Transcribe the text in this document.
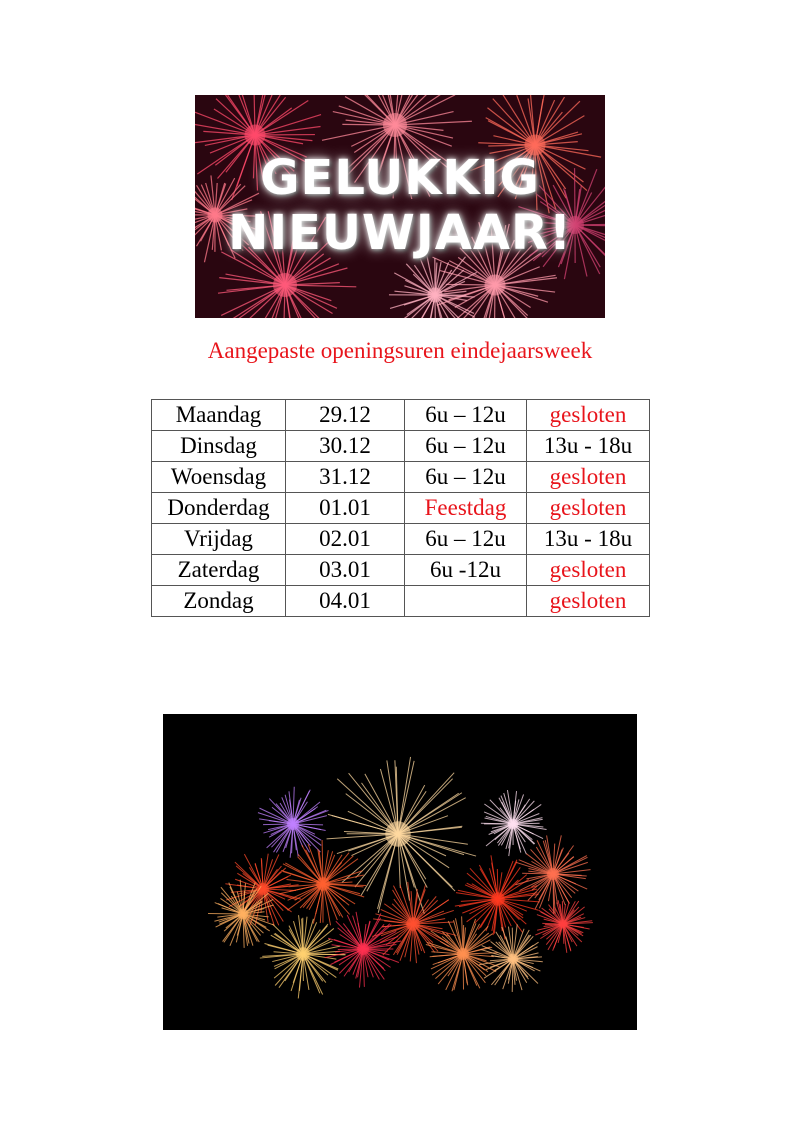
GELUKKIG
NIEUWJAAR!
Aangepaste openingsuren eindejaarsweek
Maandag	29.12	6u – 12u	gesloten
Dinsdag	30.12	6u – 12u	13u - 18u
Woensdag	31.12	6u – 12u	gesloten
Donderdag	01.01	Feestdag	gesloten
Vrijdag	02.01	6u – 12u	13u - 18u
Zaterdag	03.01	6u -12u	gesloten
Zondag	04.01		gesloten
